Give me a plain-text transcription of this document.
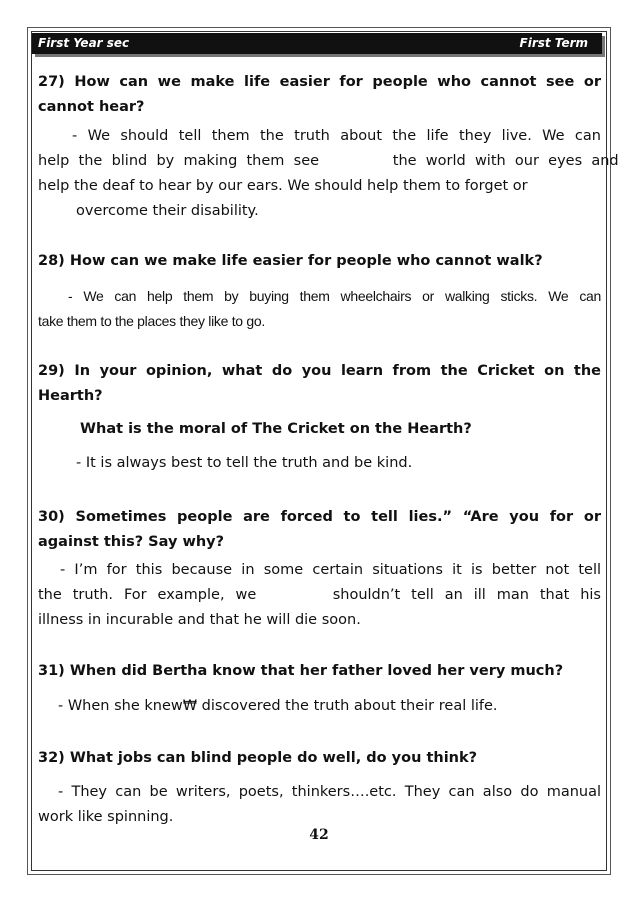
First Year sec	First Term
27) How can we make life easier for people who cannot see or
cannot hear?
- We should tell them the truth about the life they live. We can
help  the  blind  by  making  them  see                the  world  with  our  eyes  and
help the deaf to hear by our ears. We should help them to forget or
overcome their disability.
28) How can we make life easier for people who cannot walk?
- We can help them by buying them wheelchairs or walking sticks. We can
take them to the places they like to go.
29) In your opinion, what do you learn from the Cricket on the
Hearth?
What is the moral of The Cricket on the Hearth?
- It is always best to tell the truth and be kind.
30) Sometimes people are forced to tell lies.” “Are you for or
against this? Say why?
- I’m for this because in some certain situations it is better not tell
the  truth.  For  example,  we              shouldn’t  tell  an  ill  man  that  his
illness in incurable and that he will die soon.
31) When did Bertha know that her father loved her very much?
- When she knew₩ discovered the truth about their real life.
32) What jobs can blind people do well, do you think?
- They can be writers, poets, thinkers….etc. They can also do manual
work like spinning.
42
